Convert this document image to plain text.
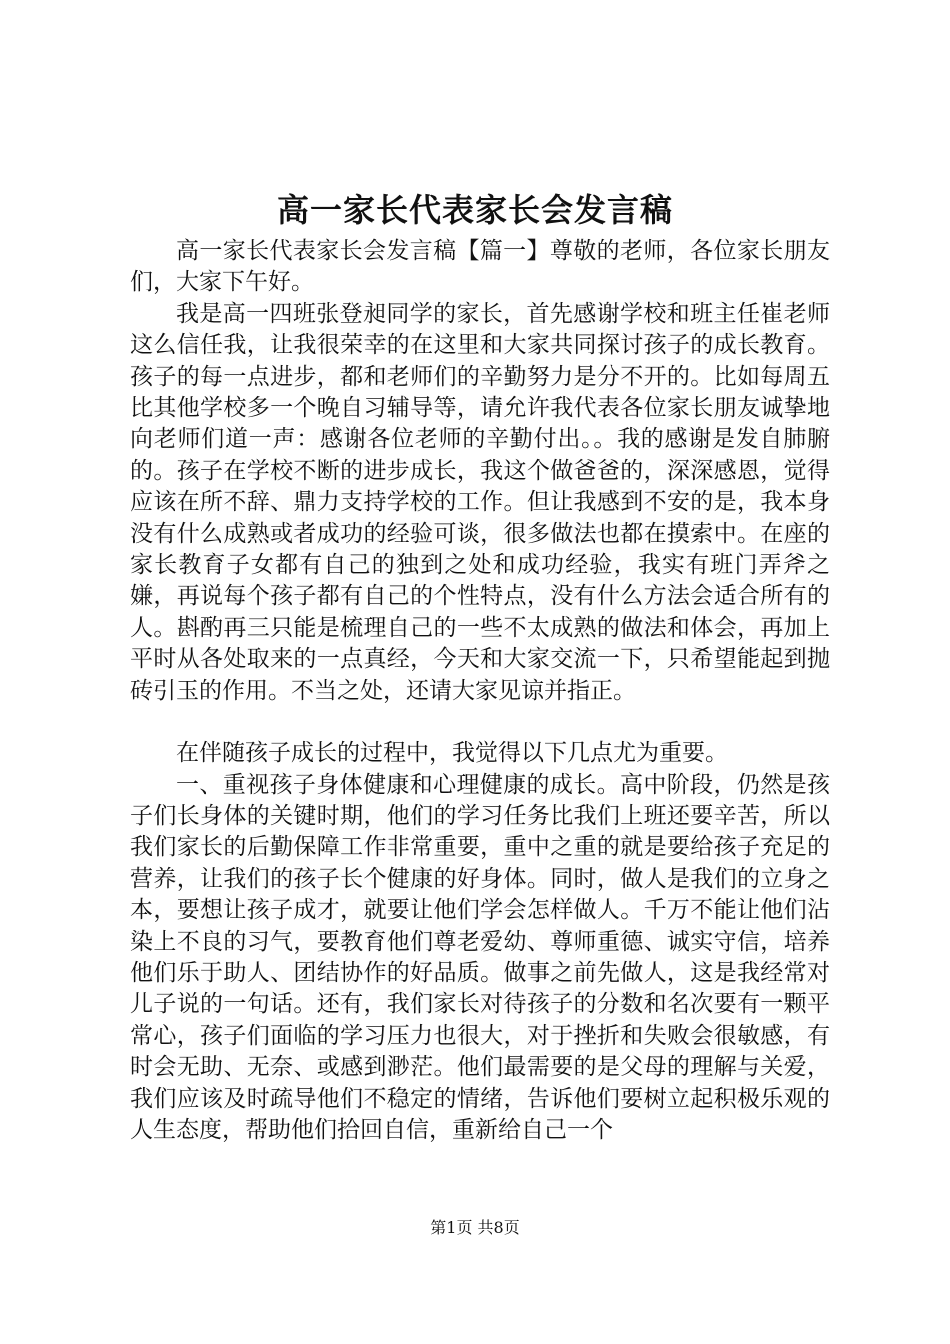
高一家长代表家长会发言稿

高一家长代表家长会发言稿【篇一】尊敬的老师，各位家长朋友们，大家下午好。

我是高一四班张登昶同学的家长，首先感谢学校和班主任崔老师这么信任我，让我很荣幸的在这里和大家共同探讨孩子的成长教育。孩子的每一点进步，都和老师们的辛勤努力是分不开的。比如每周五比其他学校多一个晚自习辅导等，请允许我代表各位家长朋友诚挚地向老师们道一声：感谢各位老师的辛勤付出。。我的感谢是发自肺腑的。孩子在学校不断的进步成长，我这个做爸爸的，深深感恩，觉得应该在所不辞、鼎力支持学校的工作。但让我感到不安的是，我本身没有什么成熟或者成功的经验可谈，很多做法也都在摸索中。在座的家长教育子女都有自己的独到之处和成功经验，我实有班门弄斧之嫌，再说每个孩子都有自己的个性特点，没有什么方法会适合所有的人。斟酌再三只能是梳理自己的一些不太成熟的做法和体会，再加上平时从各处取来的一点真经，今天和大家交流一下，只希望能起到抛砖引玉的作用。不当之处，还请大家见谅并指正。

在伴随孩子成长的过程中，我觉得以下几点尤为重要。

一、重视孩子身体健康和心理健康的成长。高中阶段，仍然是孩子们长身体的关键时期，他们的学习任务比我们上班还要辛苦，所以我们家长的后勤保障工作非常重要，重中之重的就是要给孩子充足的营养，让我们的孩子长个健康的好身体。同时，做人是我们的立身之本，要想让孩子成才，就要让他们学会怎样做人。千万不能让他们沾染上不良的习气，要教育他们尊老爱幼、尊师重德、诚实守信，培养他们乐于助人、团结协作的好品质。做事之前先做人，这是我经常对儿子说的一句话。还有，我们家长对待孩子的分数和名次要有一颗平常心，孩子们面临的学习压力也很大，对于挫折和失败会很敏感，有时会无助、无奈、或感到渺茫。他们最需要的是父母的理解与关爱，我们应该及时疏导他们不稳定的情绪，告诉他们要树立起积极乐观的人生态度，帮助他们拾回自信，重新给自己一个

第1页 共8页
